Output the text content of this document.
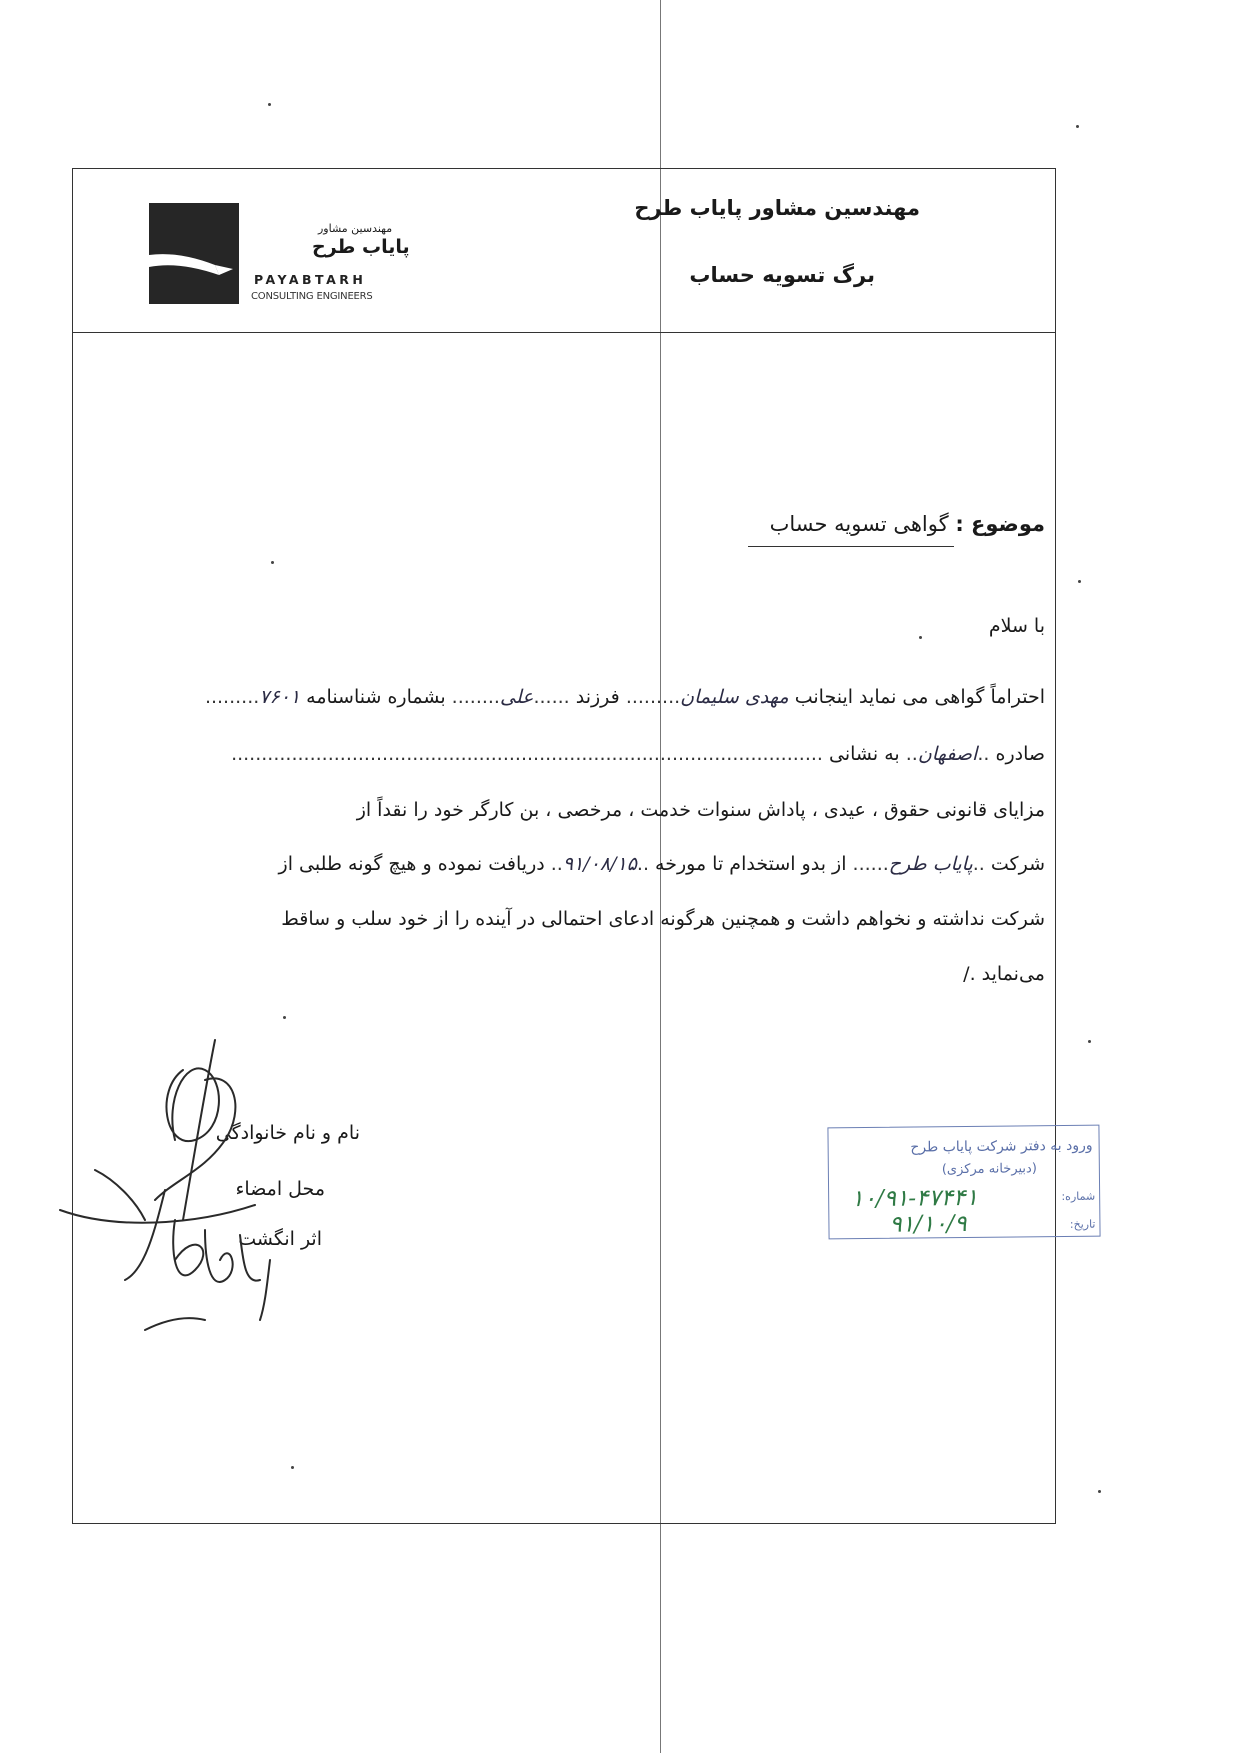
مهندسین مشاور پایاب طرح
برگ تسویه حساب
مهندسین مشاور
پایاب طرح
PAYABTARH
CONSULTING ENGINEERS
موضوع : گواهی تسویه حساب
با سلام
احتراماً گواهی می نماید اینجانب مهدی سلیمان......... فرزند ......علی........ بشماره شناسنامه ۷۶۰۱.........
صادره ..اصفهان.. به نشانی ..................................................................................................
مزایای قانونی حقوق ، عیدی ، پاداش سنوات خدمت ، مرخصی ، بن کارگر خود را نقداً از
شرکت ..پایاب طرح...... از بدو استخدام تا مورخه ..۹۱/۰۸/۱۵.. دریافت نموده و هیچ گونه طلبی از
شرکت نداشته و نخواهم داشت و همچنین هرگونه ادعای احتمالی در آینده را از خود سلب و ساقط
می‌نماید ./
نام و نام خانوادگی
محل امضاء
اثر انگشت
ورود به دفتر شرکت پایاب طرح
(دبیرخانه مرکزی)
شماره:
تاریخ:
۱۰/۹۱-۴۷۴۴۱
۹۱/۱۰/۹
